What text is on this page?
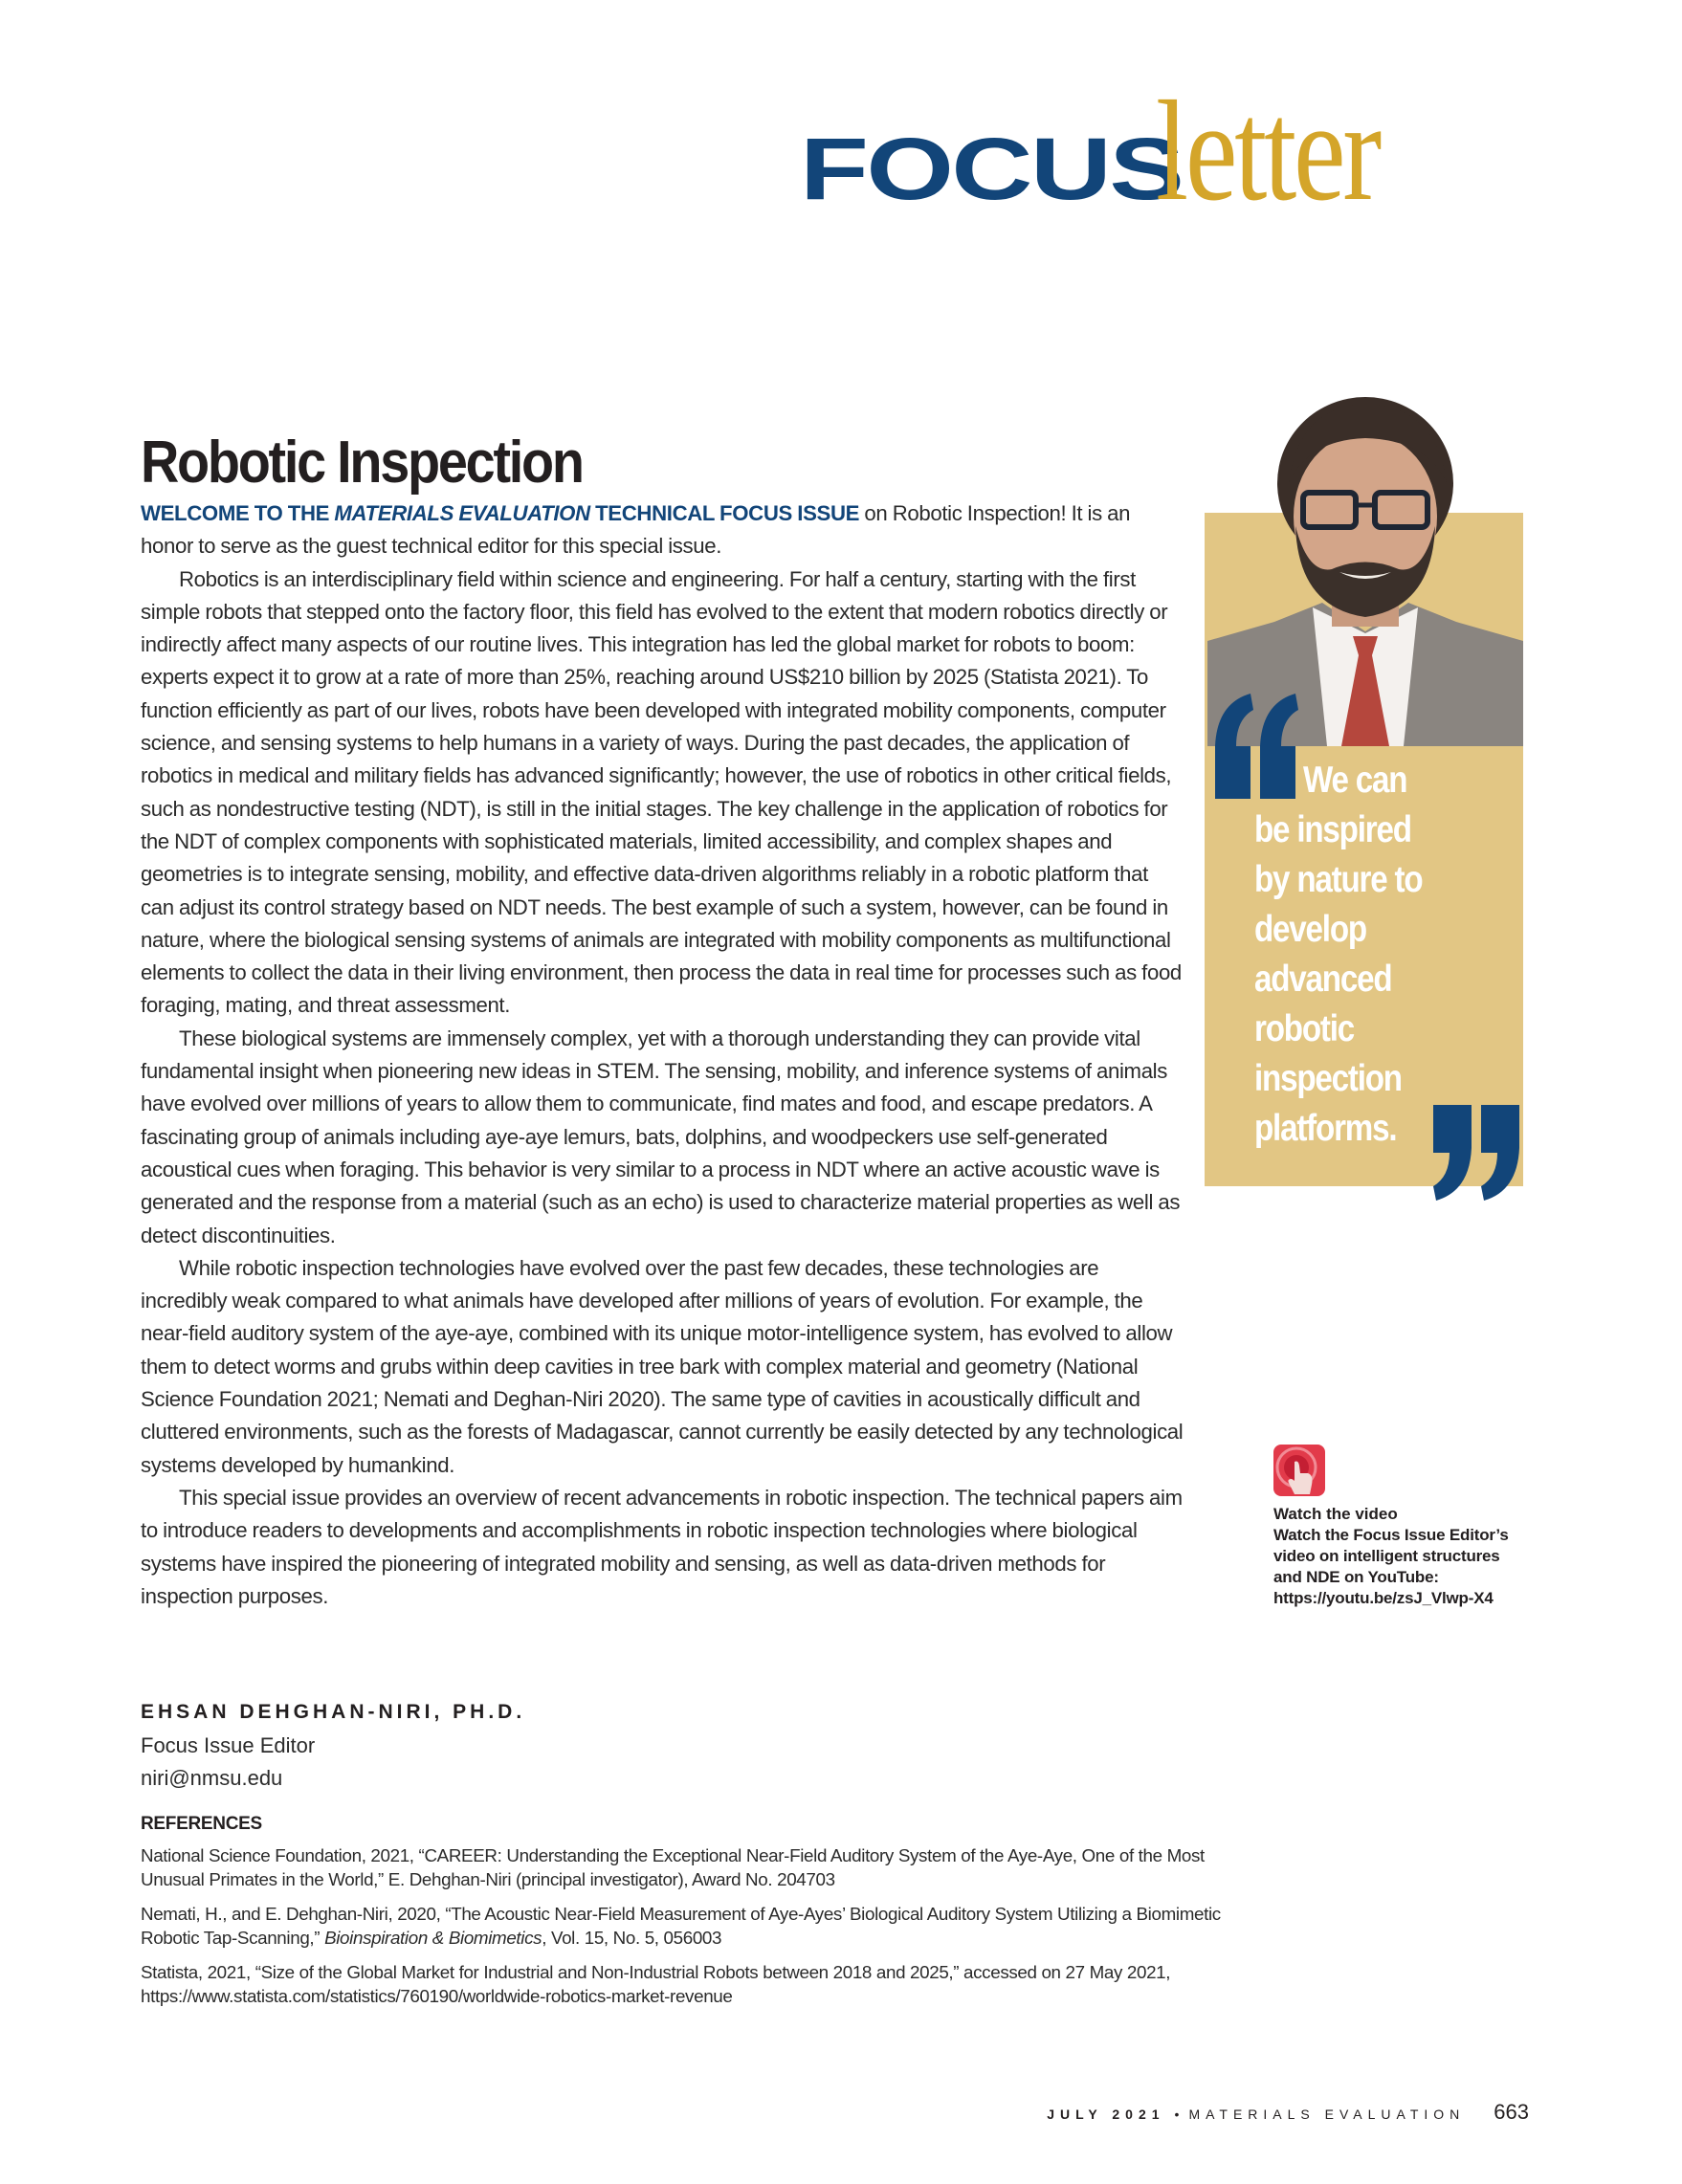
FOCUSletter
Robotic Inspection

WELCOME TO THE MATERIALS EVALUATION TECHNICAL FOCUS ISSUE on Robotic Inspection! It is an honor to serve as the guest technical editor for this special issue.

Robotics is an interdisciplinary field within science and engineering. For half a century, starting with the first simple robots that stepped onto the factory floor, this field has evolved to the extent that modern robotics directly or indirectly affect many aspects of our routine lives. This integration has led the global market for robots to boom: experts expect it to grow at a rate of more than 25%, reaching around US$210 billion by 2025 (Statista 2021). To function efficiently as part of our lives, robots have been developed with integrated mobility components, computer science, and sensing systems to help humans in a variety of ways. During the past decades, the application of robotics in medical and military fields has advanced significantly; however, the use of robotics in other critical fields, such as nondestructive testing (NDT), is still in the initial stages. The key challenge in the application of robotics for the NDT of complex components with sophisticated materials, limited accessibility, and complex shapes and geometries is to integrate sensing, mobility, and effective data-driven algorithms reliably in a robotic platform that can adjust its control strategy based on NDT needs. The best example of such a system, however, can be found in nature, where the biological sensing systems of animals are integrated with mobility components as multifunctional elements to collect the data in their living environment, then process the data in real time for processes such as food foraging, mating, and threat assessment.

These biological systems are immensely complex, yet with a thorough understanding they can provide vital fundamental insight when pioneering new ideas in STEM. The sensing, mobility, and inference systems of animals have evolved over millions of years to allow them to communicate, find mates and food, and escape predators. A fascinating group of animals including aye-aye lemurs, bats, dolphins, and woodpeckers use self-generated acoustical cues when foraging. This behavior is very similar to a process in NDT where an active acoustic wave is generated and the response from a material (such as an echo) is used to characterize material properties as well as detect discontinuities.

While robotic inspection technologies have evolved over the past few decades, these technologies are incredibly weak compared to what animals have developed after millions of years of evolution. For example, the near-field auditory system of the aye-aye, combined with its unique motor-intelligence system, has evolved to allow them to detect worms and grubs within deep cavities in tree bark with complex material and geometry (National Science Foundation 2021; Nemati and Deghan-Niri 2020). The same type of cavities in acoustically difficult and cluttered environments, such as the forests of Madagascar, cannot currently be easily detected by any technological systems developed by humankind.

This special issue provides an overview of recent advancements in robotic inspection. The technical papers aim to introduce readers to developments and accomplishments in robotic inspection technologies where biological systems have inspired the pioneering of integrated mobility and sensing, as well as data-driven methods for inspection purposes.

EHSAN DEHGHAN-NIRI, PH.D.
Focus Issue Editor
niri@nmsu.edu
REFERENCES
National Science Foundation, 2021, “CAREER: Understanding the Exceptional Near-Field Auditory System of the Aye-Aye, One of the Most Unusual Primates in the World,” E. Dehghan-Niri (principal investigator), Award No. 204703
Nemati, H., and E. Dehghan-Niri, 2020, “The Acoustic Near-Field Measurement of Aye-Ayes’ Biological Auditory System Utilizing a Biomimetic Robotic Tap-Scanning,” Bioinspiration & Biomimetics, Vol. 15, No. 5, 056003
Statista, 2021, “Size of the Global Market for Industrial and Non-Industrial Robots between 2018 and 2025,” accessed on 27 May 2021, https://www.statista.com/statistics/760190/worldwide-robotics-market-revenue
We can
be inspired
by nature to
develop
advanced
robotic
inspection
platforms.
Watch the video
Watch the Focus Issue Editor’s
video on intelligent structures
and NDE on YouTube:
https://youtu.be/zsJ_Vlwp-X4
JULY 2021 • MATERIALS EVALUATION 663
